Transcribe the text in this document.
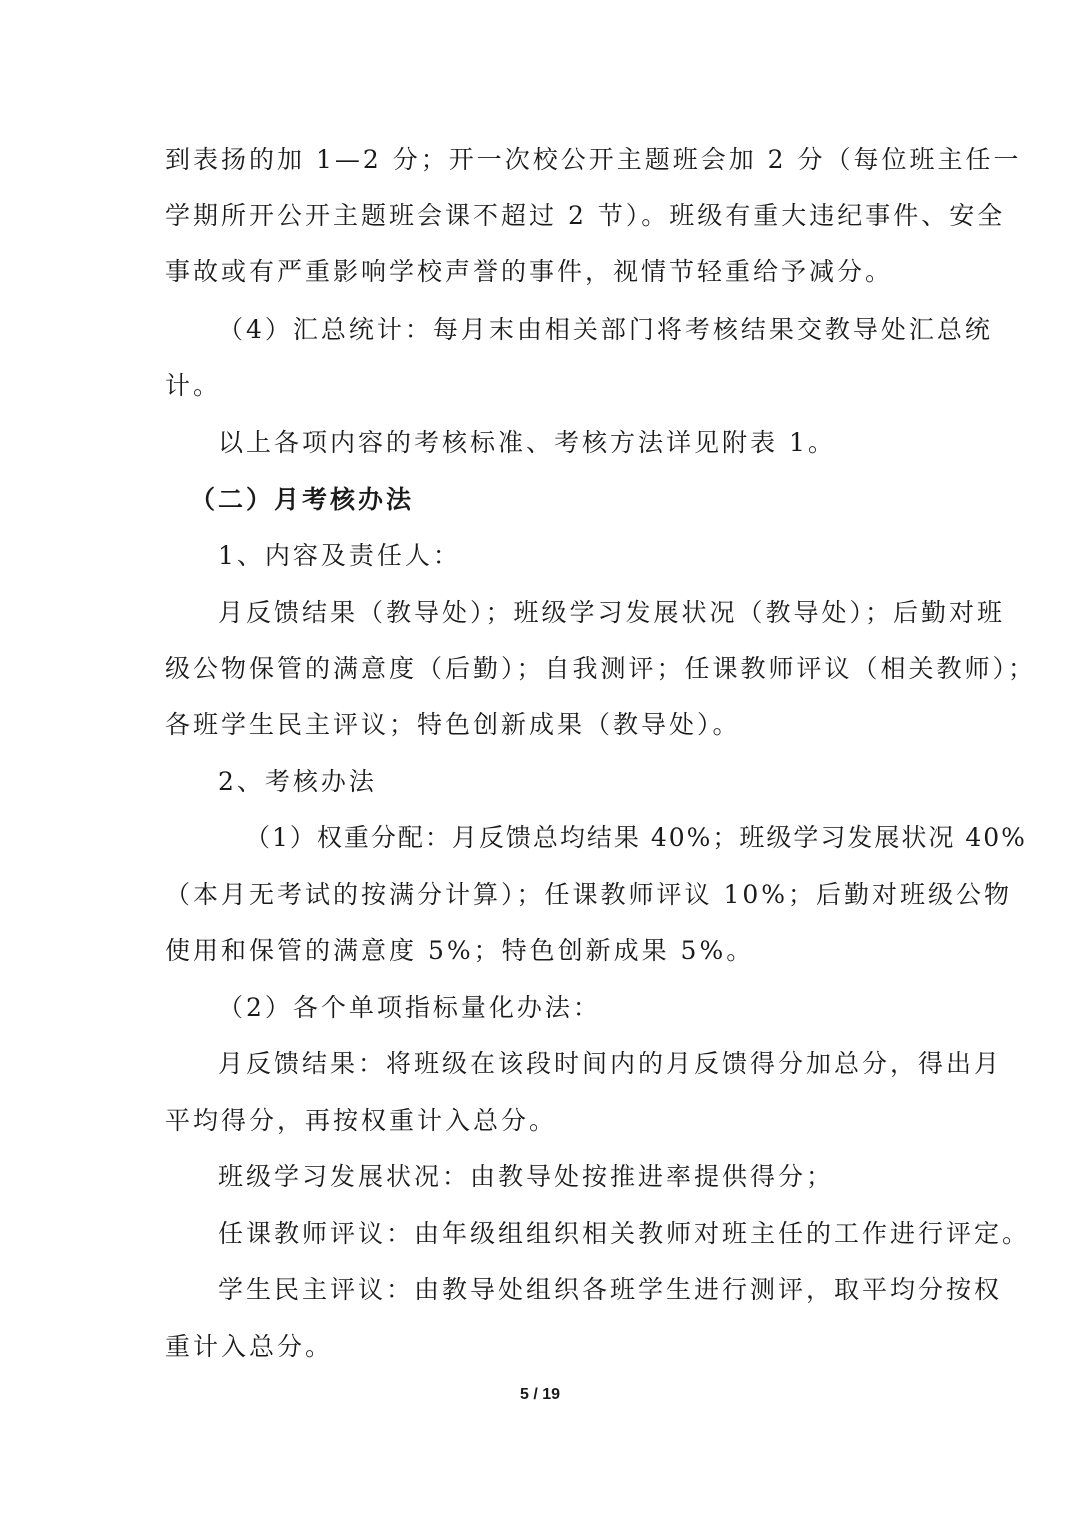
到表扬的加 1—2 分；开一次校公开主题班会加 2 分（每位班主任一
学期所开公开主题班会课不超过 2 节）。班级有重大违纪事件、安全
事故或有严重影响学校声誉的事件，视情节轻重给予减分。
（4）汇总统计：每月末由相关部门将考核结果交教导处汇总统
计。
以上各项内容的考核标准、考核方法详见附表 1。
（二）月考核办法
1、内容及责任人：
月反馈结果（教导处）；班级学习发展状况（教导处）；后勤对班
级公物保管的满意度（后勤）；自我测评；任课教师评议（相关教师）；
各班学生民主评议；特色创新成果（教导处）。
2、考核办法
（1）权重分配：月反馈总均结果 40%；班级学习发展状况 40%
（本月无考试的按满分计算）；任课教师评议 10%；后勤对班级公物
使用和保管的满意度 5%；特色创新成果 5%。
（2）各个单项指标量化办法：
月反馈结果：将班级在该段时间内的月反馈得分加总分，得出月
平均得分，再按权重计入总分。
班级学习发展状况：由教导处按推进率提供得分；
任课教师评议：由年级组组织相关教师对班主任的工作进行评定。
学生民主评议：由教导处组织各班学生进行测评，取平均分按权
重计入总分。
5 / 19
